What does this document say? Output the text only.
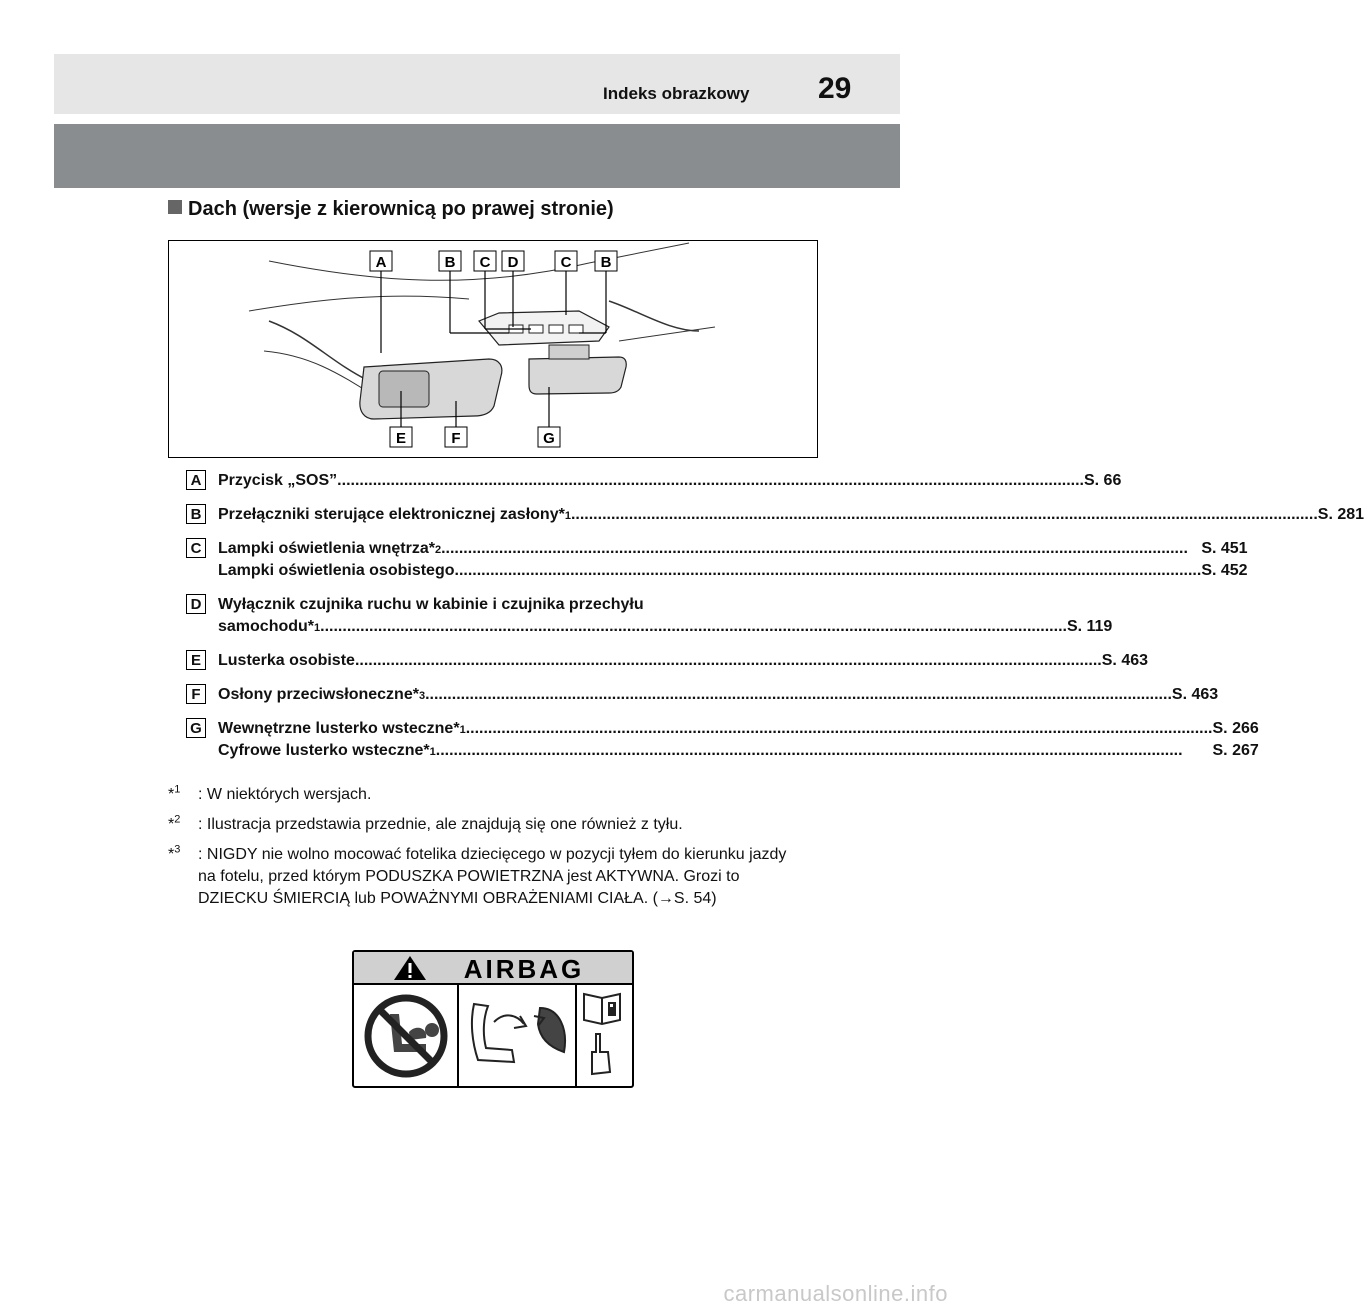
Indeks obrazkowy 29
Dach (wersje z kierownicą po prawej stronie)
A	B C D	C B
E	F	G
A Przycisk „SOS” .....	S. 66
B Przełączniki sterujące elektronicznej zasłony* 1 .....	S. 281
C Lampki oświetlenia wnętrza* 2 .....	S. 451
Lampki oświetlenia osobistego .....	S. 452
D Wyłącznik czujnika ruchu w kabinie i czujnika przechyłu
samochodu* 1 .....	S. 119
E	Lusterka osobiste .....	S. 463
F	Osłony przeciwsłoneczne* 3 .....	S. 463
G Wewnętrzne lusterko wsteczne* 1 .....	S. 266
Cyfrowe lusterko wsteczne* 1 .....	S. 267
*$^1$	: W niektórych wersjach.
*$^2$	: Ilustracja przedstawia przednie, ale znajdują się one również z tyłu.
*$^3$	: NIGDY nie wolno mocować fotelika dziecięcego w pozycji tyłem do kierunku jazdy na fotelu, przed którym PODUSZKA POWIETRZNA jest AKTYWNA. Grozi to DZIECKU ŚMIERCIĄ lub POWAŻNYMI OBRAŻENIAMI CIAŁA. (→S. 54)
AIRBAG
carmanualsonline.info
